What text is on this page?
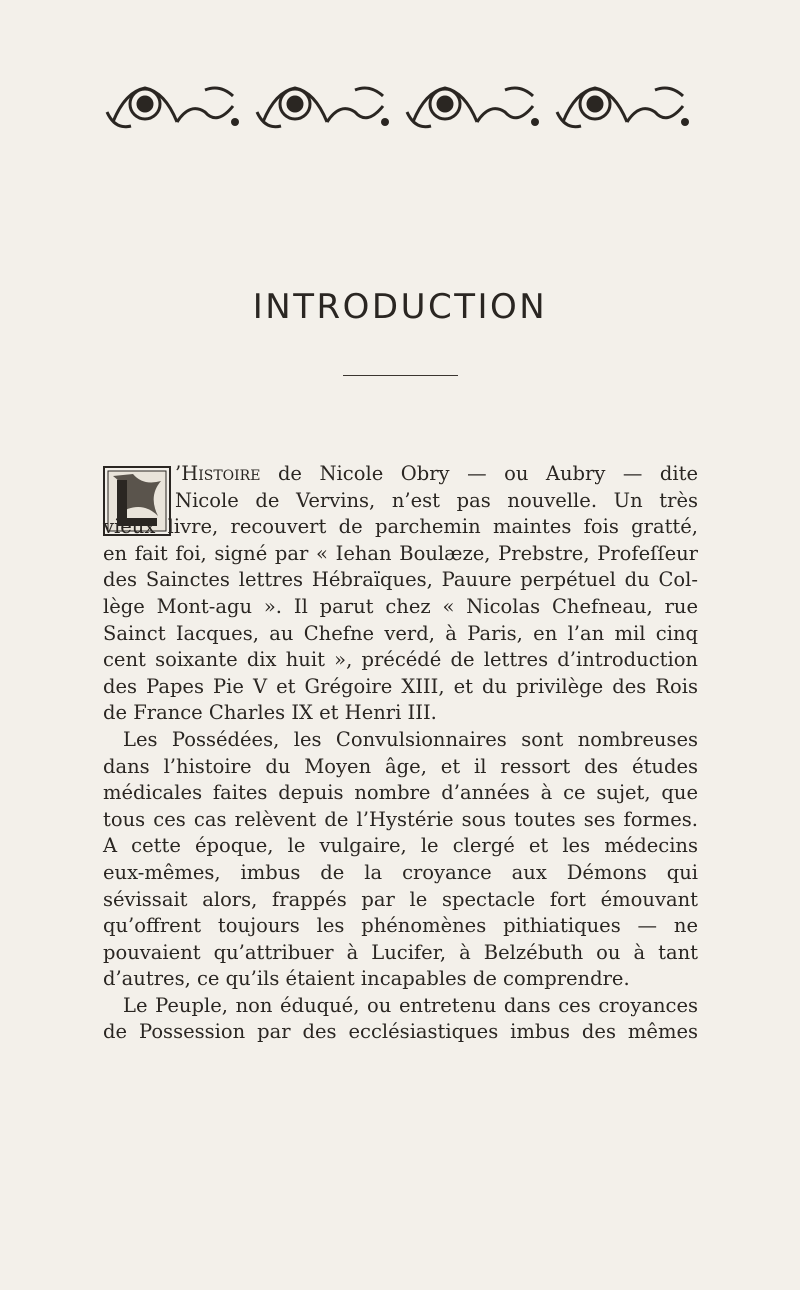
INTRODUCTION
L
’Histoire de Nicole Obry — ou Aubry — dite
Nicole de Vervins, n’est pas nouvelle. Un très
vieux livre, recouvert de parchemin maintes fois gratté,
en fait foi, signé par « Iehan Boulæze, Prebstre, Profeſſeur
des Sainctes lettres Hébraïques, Pauure perpétuel du Col-
lège Mont-agu ». Il parut chez « Nicolas Chefneau, rue
Sainct Iacques, au Chefne verd, à Paris, en l’an mil cinq
cent soixante dix huit », précédé de lettres d’introduction
des Papes Pie V et Grégoire XIII, et du privilège des Rois
de France Charles IX et Henri III.
Les Possédées, les Convulsionnaires sont nombreuses
dans l’histoire du Moyen âge, et il ressort des études
médicales faites depuis nombre d’années à ce sujet, que
tous ces cas relèvent de l’Hystérie sous toutes ses formes.
A cette époque, le vulgaire, le clergé et les médecins
eux-mêmes, imbus de la croyance aux Démons qui
sévissait alors, frappés par le spectacle fort émouvant
qu’offrent toujours les phénomènes pithiatiques — ne
pouvaient qu’attribuer à Lucifer, à Belzébuth ou à tant
d’autres, ce qu’ils étaient incapables de comprendre.
Le Peuple, non éduqué, ou entretenu dans ces croyances
de Possession par des ecclésiastiques imbus des mêmes
